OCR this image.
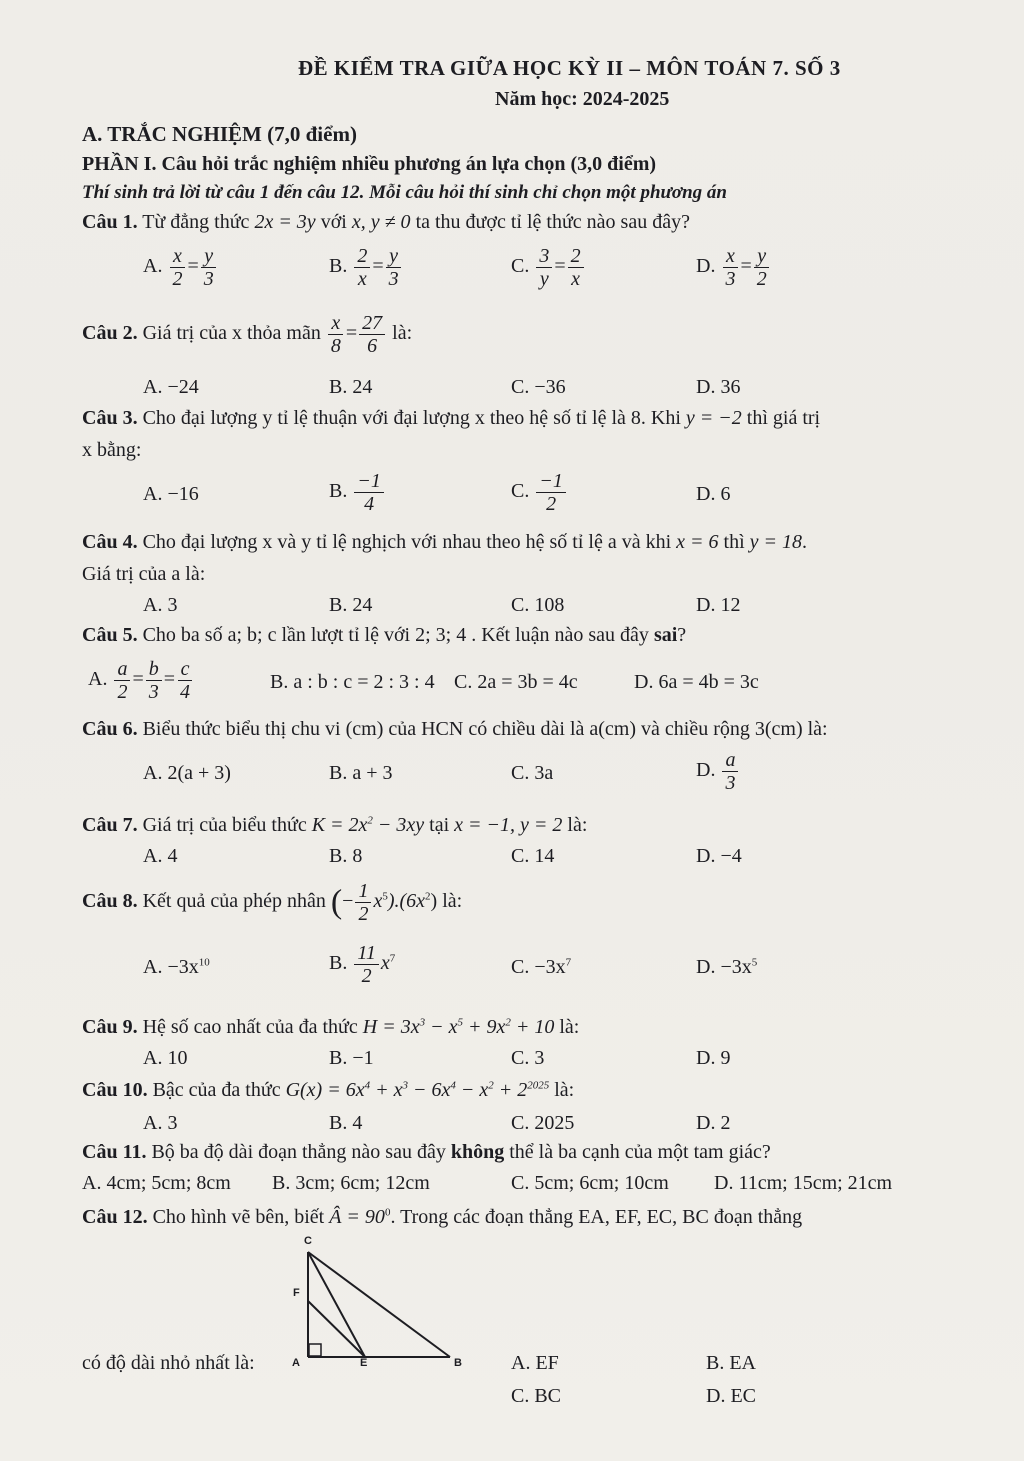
ĐỀ KIỂM TRA GIỮA HỌC KỲ II – MÔN TOÁN 7. SỐ 3
Năm học: 2024-2025
A. TRẮC NGHIỆM (7,0 điểm)
PHẦN I. Câu hỏi trắc nghiệm nhiều phương án lựa chọn (3,0 điểm)
Thí sinh trả lời từ câu 1 đến câu 12. Mỗi câu hỏi thí sinh chỉ chọn một phương án
Câu 1. Từ đẳng thức 2x = 3y với x, y ≠ 0 ta thu được tỉ lệ thức nào sau đây?
A. $\frac{x}{2} = \frac{y}{3}$	B. $\frac{2}{x} = \frac{y}{3}$	C. $\frac{3}{y} = \frac{2}{x}$	D. $\frac{x}{3} = \frac{y}{2}$
Câu 2. Giá trị của x thỏa mãn $\frac{x}{8} = \frac{27}{6}$ là:
A. −24	B. 24	C. −36	D. 36
Câu 3. Cho đại lượng y tỉ lệ thuận với đại lượng x theo hệ số tỉ lệ là 8. Khi y = −2 thì giá trị
x bằng:
A. −16	B. $\frac{-1}{4}$	C. $\frac{-1}{2}$	D. 6
Câu 4. Cho đại lượng x và y tỉ lệ nghịch với nhau theo hệ số tỉ lệ a và khi x = 6 thì y = 18.
Giá trị của a là:
A. 3	B. 24	C. 108	D. 12
Câu 5. Cho ba số a; b; c lần lượt tỉ lệ với 2; 3; 4 . Kết luận nào sau đây sai?
A. $\frac{a}{2} = \frac{b}{3} = \frac{c}{4}$	B. a : b : c = 2 : 3 : 4 C. 2a = 3b = 4c	D. 6a = 4b = 3c
Câu 6. Biểu thức biểu thị chu vi (cm) của HCN có chiều dài là a(cm) và chiều rộng 3(cm) là:
A. 2(a + 3)	B. a + 3	C. 3a	D. $\frac{a}{3}$
Câu 7. Giá trị của biểu thức $K = 2x^2 - 3xy$ tại x = −1, y = 2 là:
A. 4	B. 8	C. 14	D. −4
Câu 8. Kết quả của phép nhân (− $\frac{1}{2} x^5).(6x^2)$ là:
A. $-3x^{10}$	B. $\frac{11}{2} x^7$	C. $-3x^7$	D. $-3x^5$
Câu 9. Hệ số cao nhất của đa thức $H = 3x^3 - x^5 + 9x^2 + 10$ là:
A. 10	B. −1	C. 3	D. 9
Câu 10. Bậc của đa thức $G(x) = 6x^4 + x^3 - 6x^4 - x^2 + 2^{2025}$ là:
A. 3	B. 4	C. 2025	D. 2
Câu 11. Bộ ba độ dài đoạn thẳng nào sau đây không thể là ba cạnh của một tam giác?
A. 4cm; 5cm; 8cm B. 3cm; 6cm; 12cm	C. 5cm; 6cm; 10cm D. 11cm; 15cm; 21cm
Câu 12. Cho hình vẽ bên, biết Â = $90^0$. Trong các đoạn thẳng EA, EF, EC, BC đoạn thẳng
có độ dài nhỏ nhất là:
C
F
A	E	B A. EF	B. EA
C. BC	D. EC
